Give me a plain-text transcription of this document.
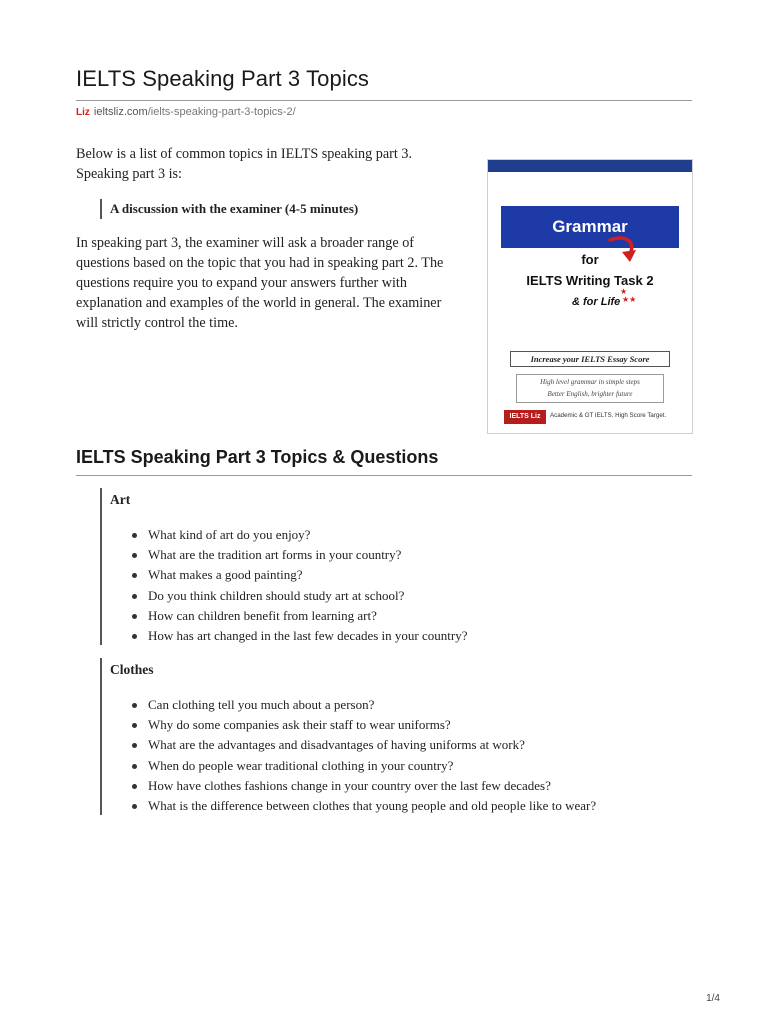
IELTS Speaking Part 3 Topics
Liz ieltsliz.com /ielts-speaking-part-3-topics-2/

Below is a list of common topics in IELTS speaking part 3. Speaking part 3 is:

A discussion with the examiner (4-5 minutes)

In speaking part 3, the examiner will ask a broader range of questions based on the topic that you had in speaking part 2. The questions require you to expand your answers further with explanation and examples of the world in general. The examiner will strictly control the time.

Grammar
for
IELTS Writing Task 2
& for Life
★
★★
Increase your IELTS Essay Score
High level grammar in simple steps
Better English, brighter future
IELTS Liz	Academic & GT IELTS. High Score Target.
IELTS Speaking Part 3 Topics & Questions

Art

What kind of art do you enjoy?
What are the tradition art forms in your country?
What makes a good painting?
Do you think children should study art at school?
How can children benefit from learning art?
How has art changed in the last few decades in your country?

Clothes

Can clothing tell you much about a person?
Why do some companies ask their staff to wear uniforms?
What are the advantages and disadvantages of having uniforms at work?
When do people wear traditional clothing in your country?
How have clothes fashions change in your country over the last few decades?
What is the difference between clothes that young people and old people like to wear?
1/4
